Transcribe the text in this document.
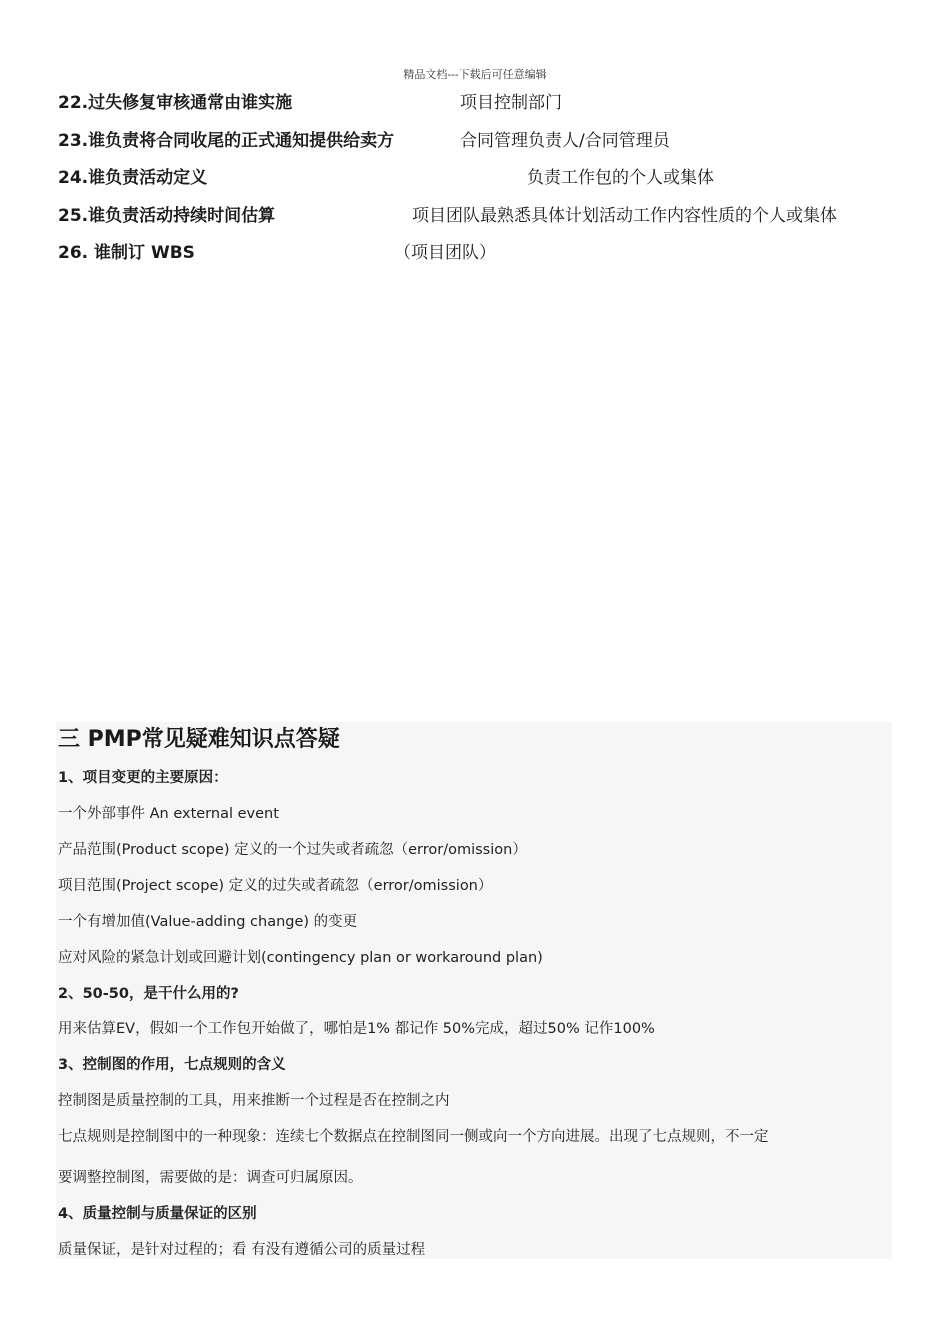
精品文档---下载后可任意编辑
22.过失修复审核通常由谁实施	项目控制部门
23.谁负责将合同收尾的正式通知提供给卖方	合同管理负责人/合同管理员
24.谁负责活动定义	负责工作包的个人或集体
25.谁负责活动持续时间估算	项目团队最熟悉具体计划活动工作内容性质的个人或集体
26. 谁制订 WBS	（项目团队）
三 PMP常见疑难知识点答疑
1、项目变更的主要原因：
一个外部事件 An external event
产品范围(Product scope) 定义的一个过失或者疏忽（error/omission）
项目范围(Project scope) 定义的过失或者疏忽（error/omission）
一个有增加值(Value-adding change) 的变更
应对风险的紧急计划或回避计划(contingency plan or workaround plan)
2、50-50，是干什么用的?
用来估算EV，假如一个工作包开始做了，哪怕是1% 都记作 50%完成，超过50% 记作100%
3、控制图的作用，七点规则的含义
控制图是质量控制的工具，用来推断一个过程是否在控制之内
七点规则是控制图中的一种现象：连续七个数据点在控制图同一侧或向一个方向进展。出现了七点规则，不一定
要调整控制图，需要做的是：调查可归属原因。
4、质量控制与质量保证的区别
质量保证，是针对过程的；看 有没有遵循公司的质量过程
